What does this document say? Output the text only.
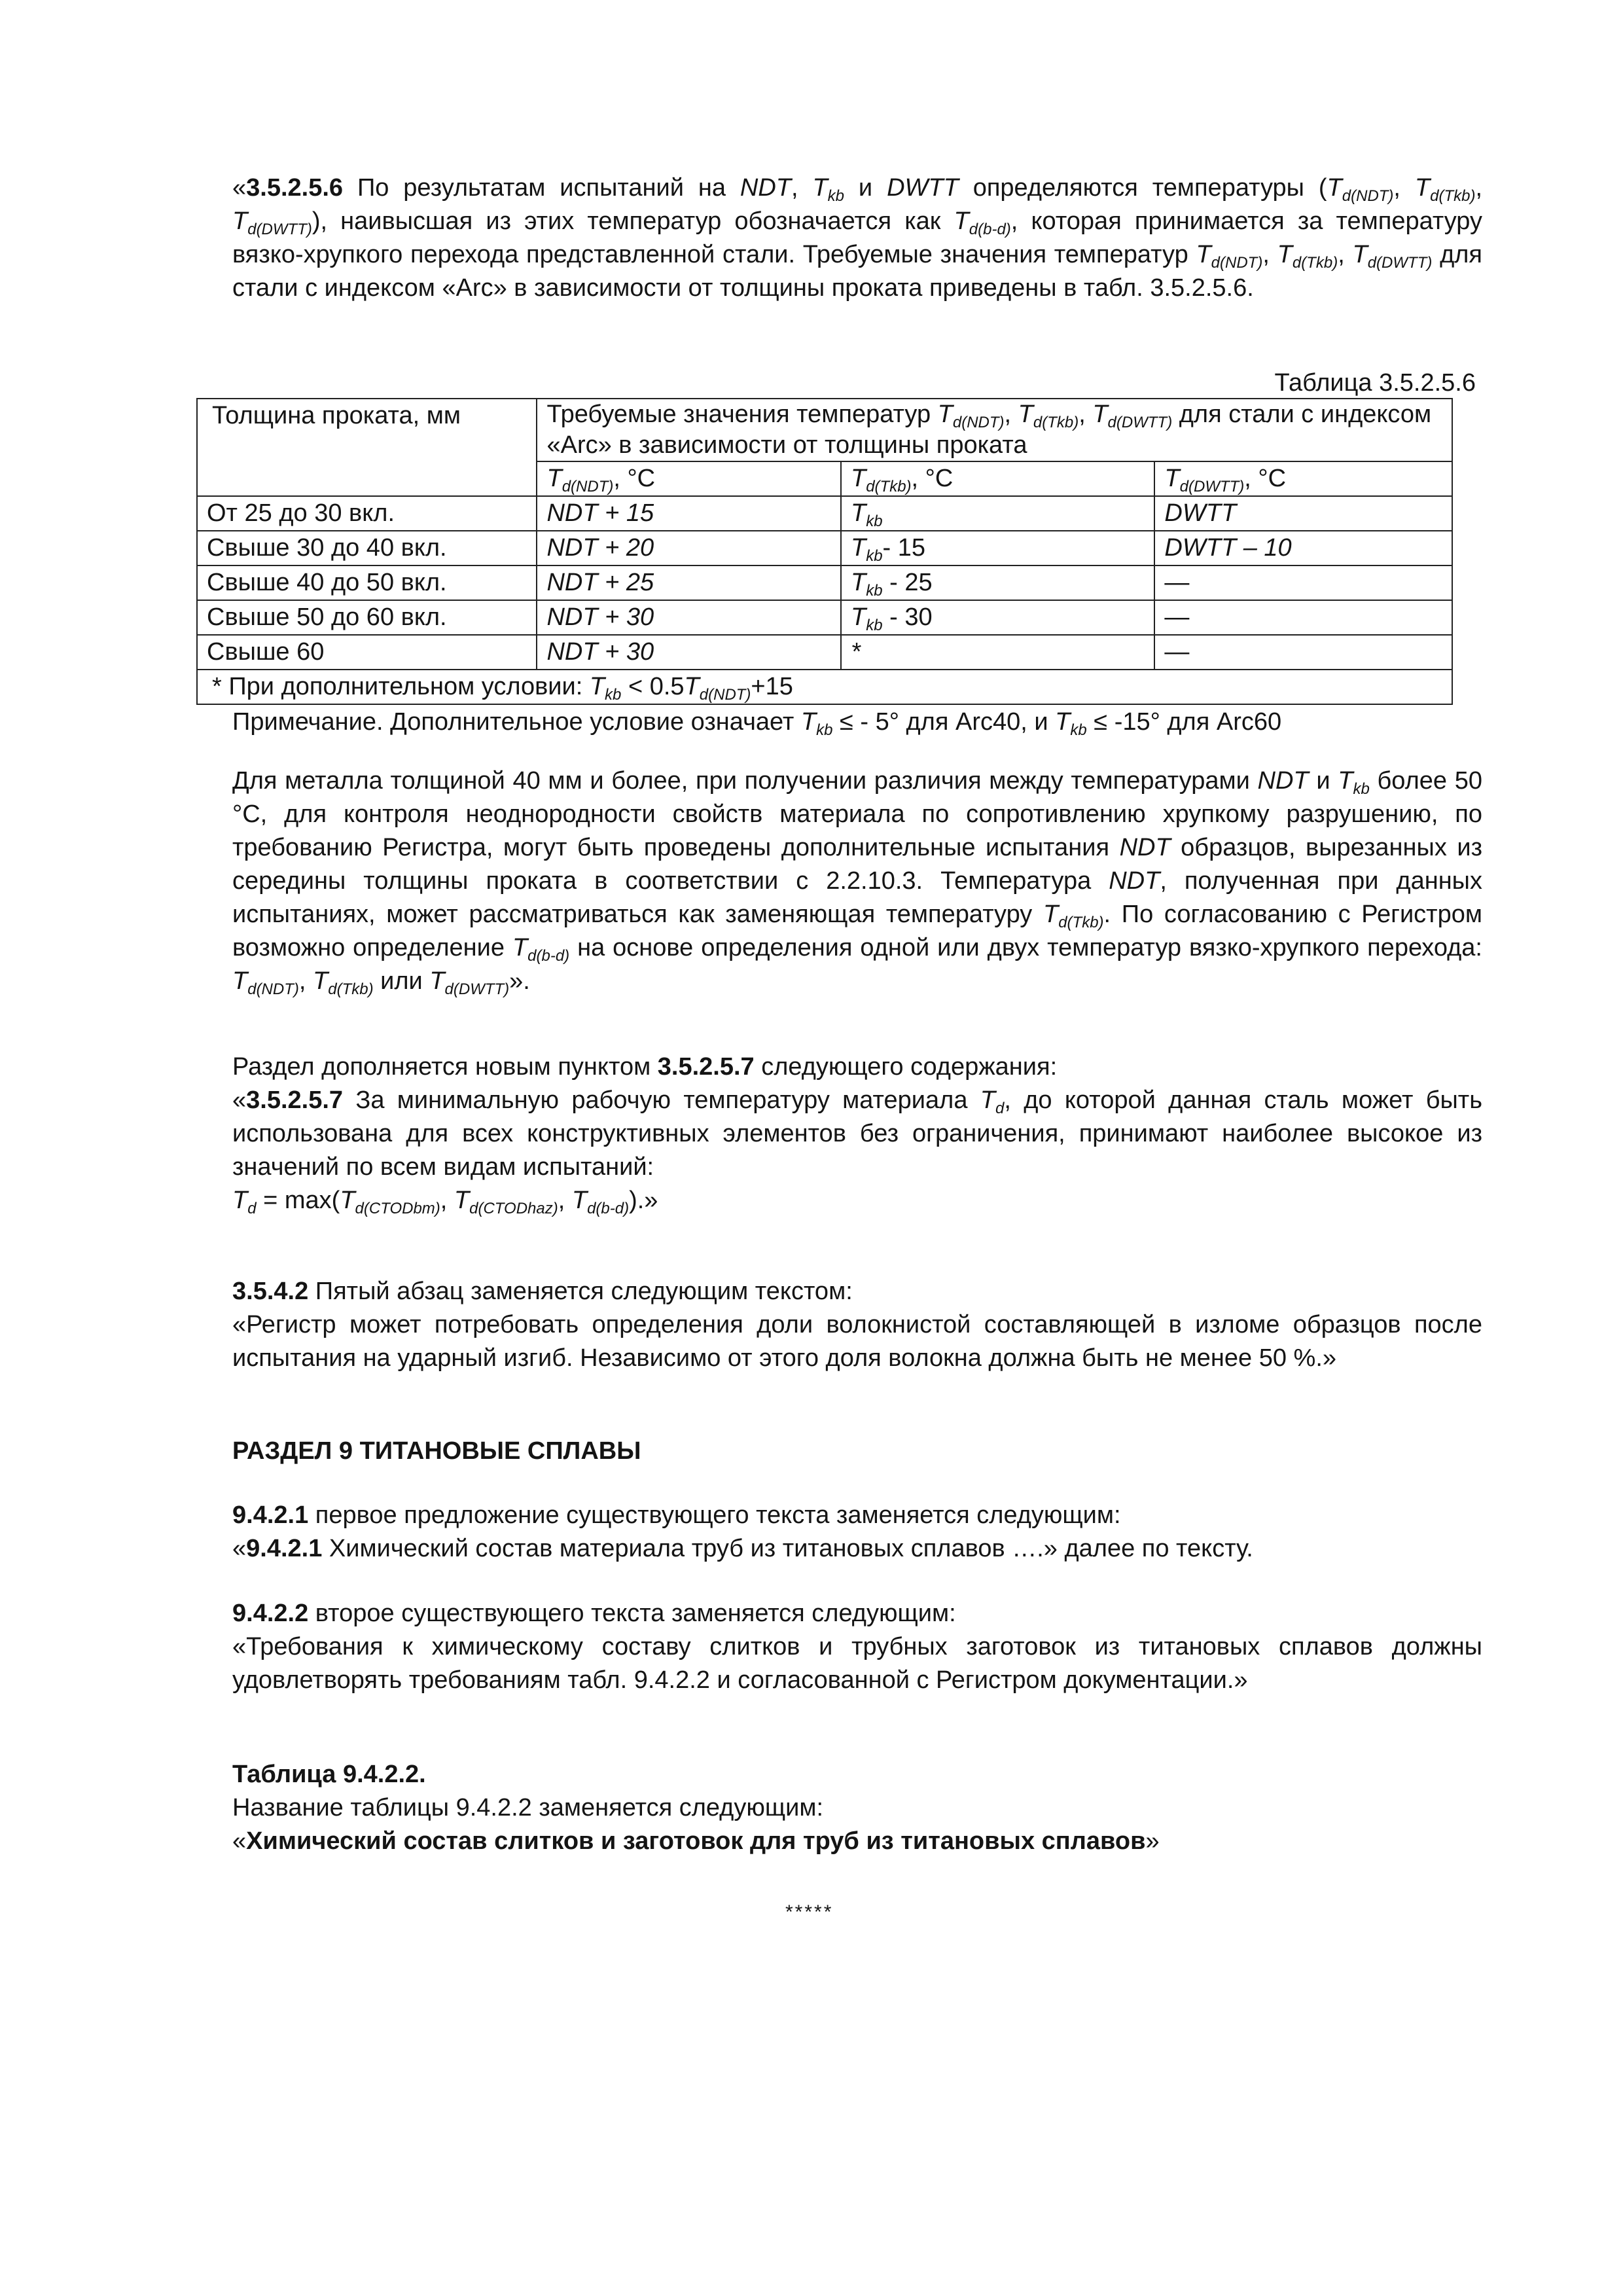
«3.5.2.5.6 По результатам испытаний на NDT, $T_{kb}$ и DWTT определяются температуры ($T_{d(NDT)}$, $T_{d(Tkb)}$, $T_{d(DWTT)}$), наивысшая из этих температур обозначается как $T_{d(b-d)}$, которая принимается за температуру вязко-хрупкого перехода представленной стали. Требуемые значения температур $T_{d(NDT)}$, $T_{d(Tkb)}$, $T_{d(DWTT)}$ для стали с индексом «Arc» в зависимости от толщины проката приведены в табл. 3.5.2.5.6.
Таблица 3.5.2.5.6
Толщина проката, мм	Требуемые значения температур $T_{d(NDT)}$, $T_{d(Tkb)}$, $T_{d(DWTT)}$ для стали с индексом «Arc» в зависимости от толщины проката		
	$T_{d(NDT)}$, °C	$T_{d(Tkb)}$, °C	$T_{d(DWTT)}$, °C
От 25 до 30 вкл.	NDT + 15	$T_{kb}$	DWTT
Свыше 30 до 40 вкл.	NDT + 20	$T_{kb}-$ 15	DWTT – 10
Свыше 40 до 50 вкл.	NDT + 25	$T_{kb} - 25$	—
Свыше 50 до 60 вкл.	NDT + 30	$T_{kb} - 30$	—
Свыше 60	NDT + 30	*	—
* При дополнительном условии: $T_{kb} < 0.5T_{d(NDT)}+15$			
Примечание. Дополнительное условие означает $T_{kb}$ ≤ - 5° для Arc40, и $T_{kb} \le -15^\circ$ для Arc60
Для металла толщиной 40 мм и более, при получении различия между температурами NDT и $T_{kb}$ более 50 °С, для контроля неоднородности свойств материала по сопротивлению хрупкому разрушению, по требованию Регистра, могут быть проведены дополнительные испытания NDT образцов, вырезанных из середины толщины проката в соответствии с 2.2.10.3. Температура NDT, полученная при данных испытаниях, может рассматриваться как заменяющая температуру $T_{d(Tkb)}$. По согласованию с Регистром возможно определение $T_{d(b-d)}$ на основе определения одной или двух температур вязко-хрупкого перехода: $T_{d(NDT)}$, $T_{d(Tkb)}$ или $T_{d(DWTT)}$».
Раздел дополняется новым пунктом 3.5.2.5.7 следующего содержания:
«3.5.2.5.7 За минимальную рабочую температуру материала $T_d$, до которой данная сталь может быть использована для всех конструктивных элементов без ограничения, принимают наиболее высокое из значений по всем видам испытаний:
$T_d = \max(T_{d(CTODbm)}$, $T_{d(CTODhaz)}$, $T_{d(b-d)}$).»
3.5.4.2 Пятый абзац заменяется следующим текстом:
«Регистр может потребовать определения доли волокнистой составляющей в изломе образцов после испытания на ударный изгиб. Независимо от этого доля волокна должна быть не менее 50 %.»
РАЗДЕЛ 9 ТИТАНОВЫЕ СПЛАВЫ
9.4.2.1 первое предложение существующего текста заменяется следующим:
«9.4.2.1 Химический состав материала труб из титановых сплавов ….» далее по тексту.
9.4.2.2 второе существующего текста заменяется следующим:
«Требования к химическому составу слитков и трубных заготовок из титановых сплавов должны удовлетворять требованиям табл. 9.4.2.2 и согласованной с Регистром документации.»
Таблица 9.4.2.2.
Название таблицы 9.4.2.2 заменяется следующим:
«Химический состав слитков и заготовок для труб из титановых сплавов»
*****
